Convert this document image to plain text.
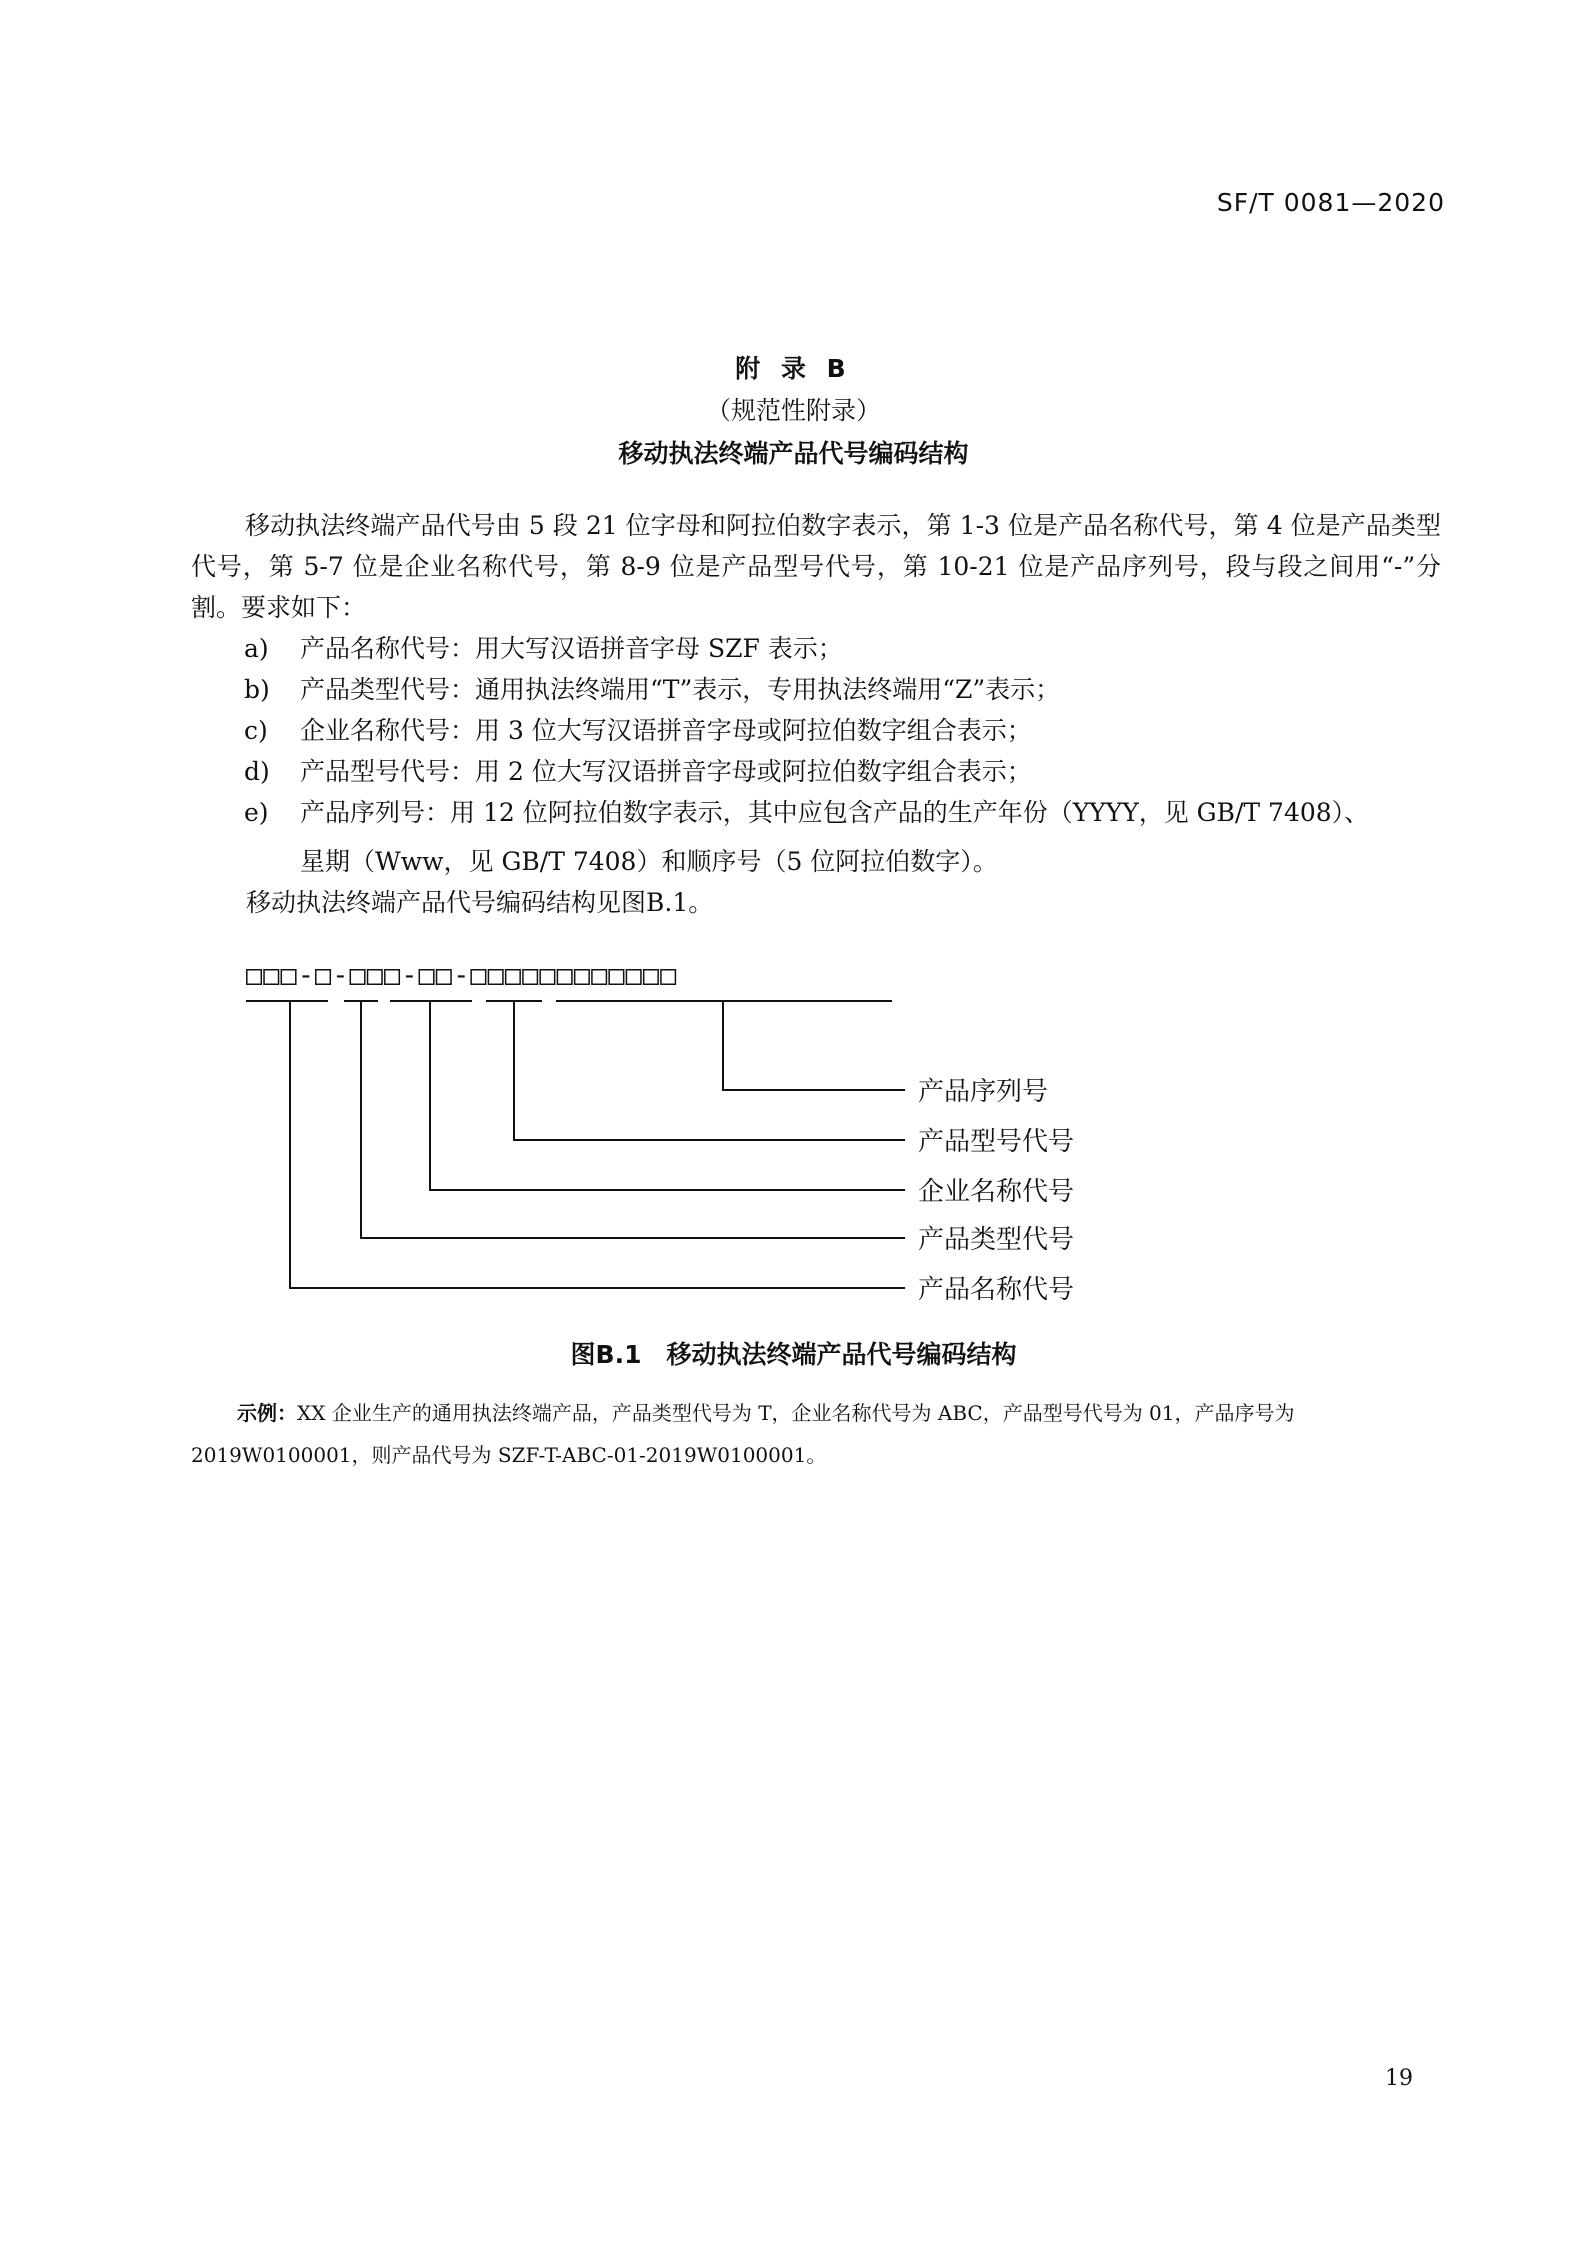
SF/T 0081—2020
附 录 B
（规范性附录）
移动执法终端产品代号编码结构
移动执法终端产品代号由 5 段 21 位字母和阿拉伯数字表示，第 1-3 位是产品名称代号，第 4 位是产品类型代号，第 5-7 位是企业名称代号，第 8-9 位是产品型号代号，第 10-21 位是产品序列号，段与段之间用“-”分割。要求如下：
a) 产品名称代号：用大写汉语拼音字母 SZF 表示；
b) 产品类型代号：通用执法终端用“T”表示，专用执法终端用“Z”表示；
c) 企业名称代号：用 3 位大写汉语拼音字母或阿拉伯数字组合表示；
d) 产品型号代号：用 2 位大写汉语拼音字母或阿拉伯数字组合表示；
e) 产品序列号：用 12 位阿拉伯数字表示，其中应包含产品的生产年份（YYYY，见 GB/T 7408）、
星期（Www，见 GB/T 7408）和顺序号（5 位阿拉伯数字）。
移动执法终端产品代号编码结构见图B.1。
□□□-□-□□□-□□-□□□□□□□□□□□□
产品序列号
产品型号代号
企业名称代号
产品类型代号
产品名称代号
图B.1　移动执法终端产品代号编码结构
示例：XX 企业生产的通用执法终端产品，产品类型代号为 T，企业名称代号为 ABC，产品型号代号为 01，产品序号为 2019W0100001，则产品代号为 SZF-T-ABC-01-2019W0100001。
19
